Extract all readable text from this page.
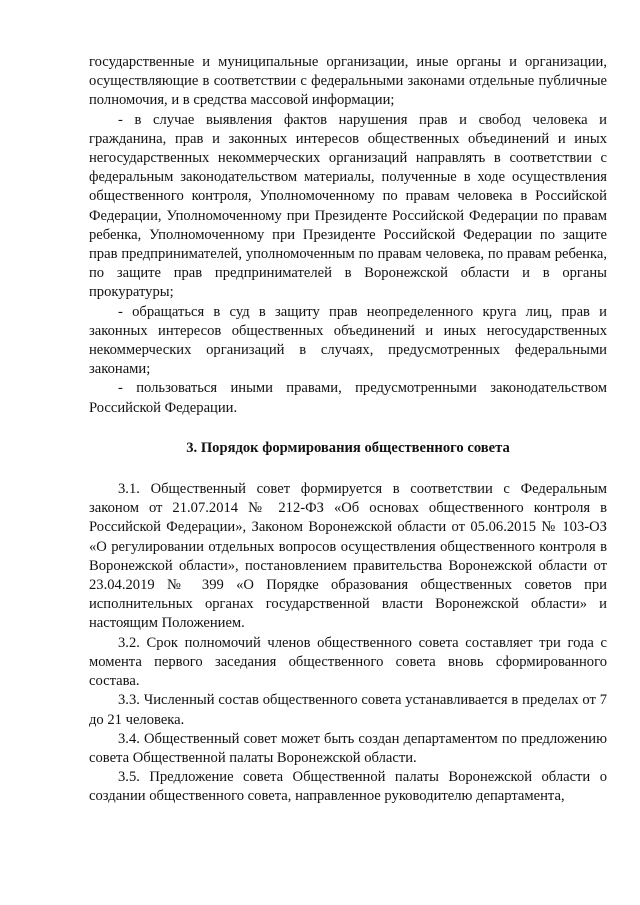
государственные и муниципальные организации, иные органы и организации, осуществляющие в соответствии с федеральными законами отдельные публичные полномочия, и в средства массовой информации;

- в случае выявления фактов нарушения прав и свобод человека и гражданина, прав и законных интересов общественных объединений и иных негосударственных некоммерческих организаций направлять в соответствии с федеральным законодательством материалы, полученные в ходе осуществления общественного контроля, Уполномоченному по правам человека в Российской Федерации, Уполномоченному при Президенте Российской Федерации по правам ребенка, Уполномоченному при Президенте Российской Федерации по защите прав предпринимателей, уполномоченным по правам человека, по правам ребенка, по защите прав предпринимателей в Воронежской области и в органы прокуратуры;

- обращаться в суд в защиту прав неопределенного круга лиц, прав и законных интересов общественных объединений и иных негосударственных некоммерческих организаций в случаях, предусмотренных федеральными законами;

- пользоваться иными правами, предусмотренными законодательством Российской Федерации.

3. Порядок формирования общественного совета

3.1. Общественный совет формируется в соответствии с Федеральным законом от 21.07.2014 № 212-ФЗ «Об основах общественного контроля в Российской Федерации», Законом Воронежской области от 05.06.2015 № 103-ОЗ «О регулировании отдельных вопросов осуществления общественного контроля в Воронежской области», постановлением правительства Воронежской области от 23.04.2019 № 399 «О Порядке образования общественных советов при исполнительных органах государственной власти Воронежской области» и настоящим Положением.

3.2. Срок полномочий членов общественного совета составляет три года с момента первого заседания общественного совета вновь сформированного состава.

3.3. Численный состав общественного совета устанавливается в пределах от 7 до 21 человека.

3.4. Общественный совет может быть создан департаментом по предложению совета Общественной палаты Воронежской области.

3.5. Предложение совета Общественной палаты Воронежской области о создании общественного совета, направленное руководителю департамента,
